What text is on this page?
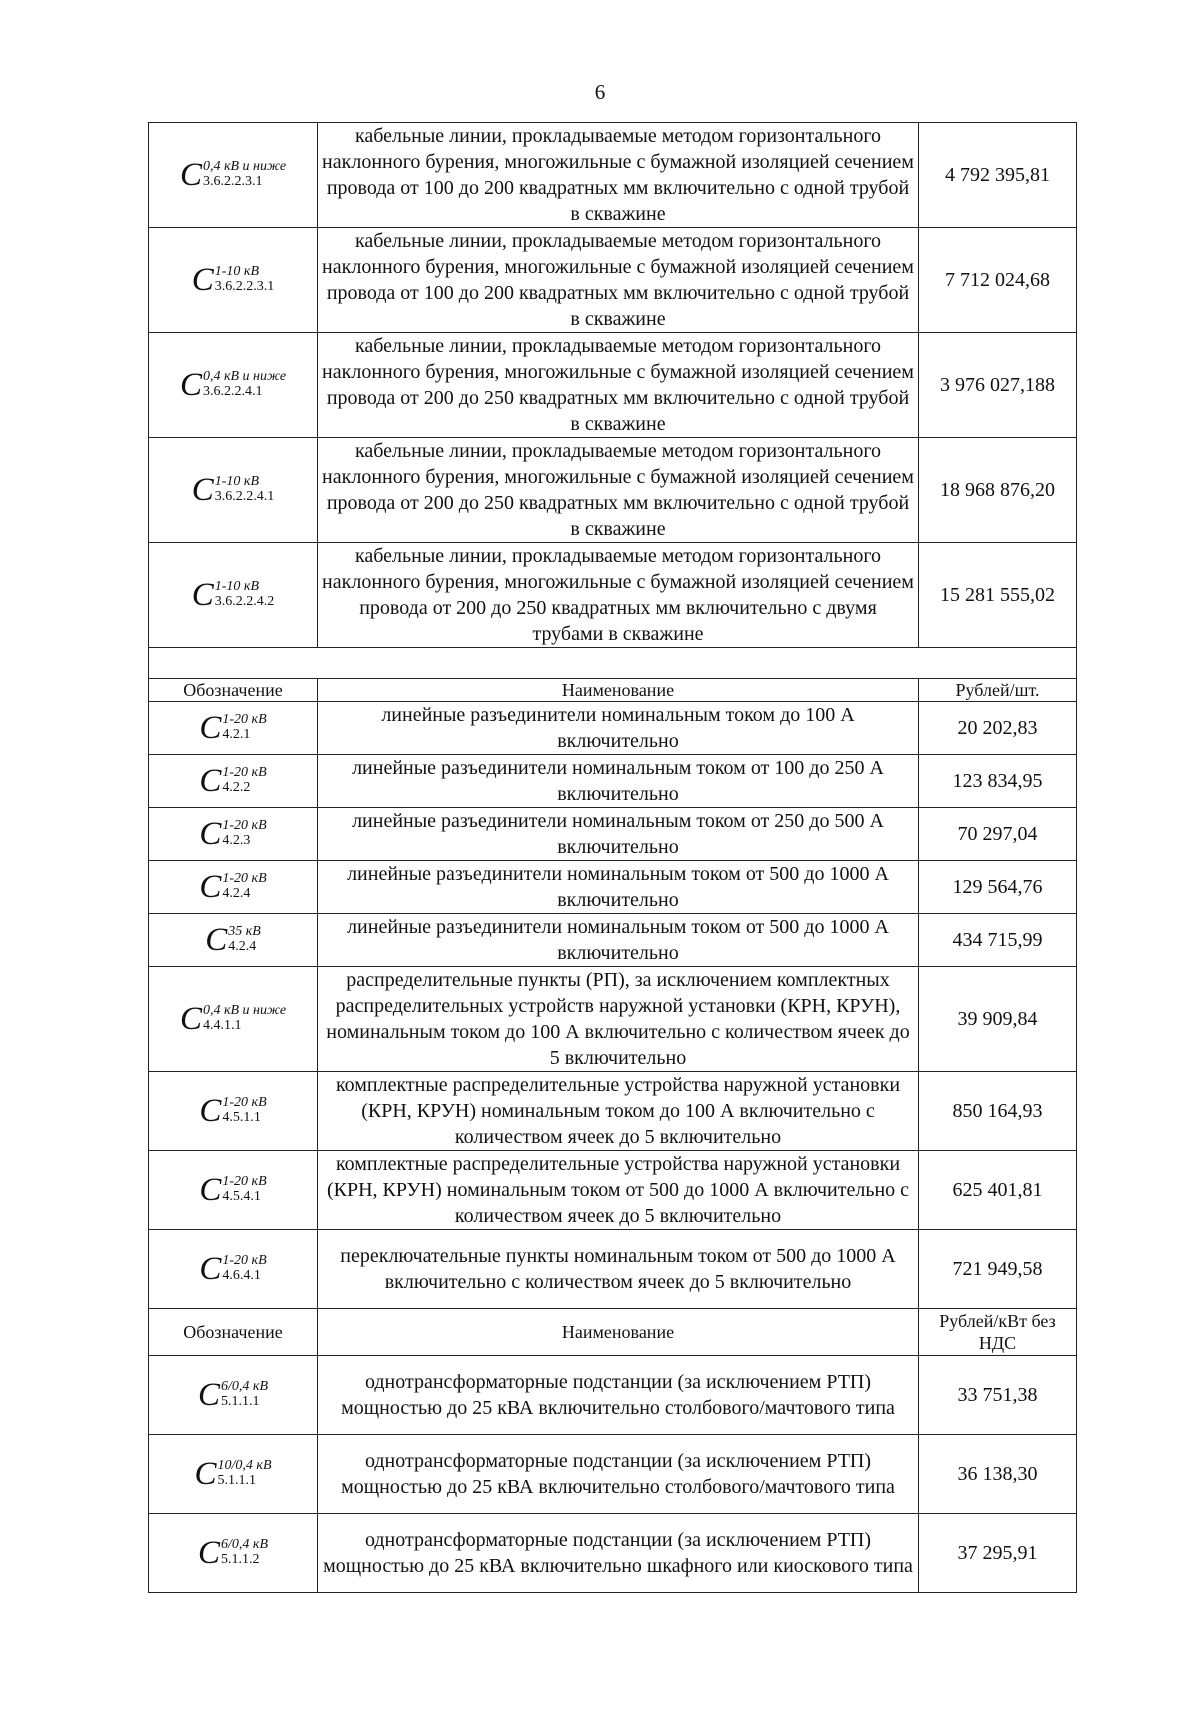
6
C 0,4 кВ и ниже
3.6.2.2.3.1	кабельные линии, прокладываемые методом горизонтального наклонного бурения, многожильные с бумажной изоляцией сечением провода от 100 до 200 квадратных мм включительно с одной трубой в скважине	4 792 395,81

C 1-10 кВ
3.6.2.2.3.1	кабельные линии, прокладываемые методом горизонтального наклонного бурения, многожильные с бумажной изоляцией сечением провода от 100 до 200 квадратных мм включительно с одной трубой в скважине	7 712 024,68

C 0,4 кВ и ниже
3.6.2.2.4.1	кабельные линии, прокладываемые методом горизонтального наклонного бурения, многожильные с бумажной изоляцией сечением провода от 200 до 250 квадратных мм включительно с одной трубой в скважине	3 976 027,188

C 1-10 кВ
3.6.2.2.4.1	кабельные линии, прокладываемые методом горизонтального наклонного бурения, многожильные с бумажной изоляцией сечением провода от 200 до 250 квадратных мм включительно с одной трубой в скважине	18 968 876,20

C 1-10 кВ
3.6.2.2.4.2	кабельные линии, прокладываемые методом горизонтального наклонного бурения, многожильные с бумажной изоляцией сечением провода от 200 до 250 квадратных мм включительно с двумя трубами в скважине	15 281 555,02

Обозначение	Наименование	Рублей/шт.

C 1-20 кВ
4.2.1	линейные разъединители номинальным током до 100 А включительно	20 202,83

C 1-20 кВ
4.2.2	линейные разъединители номинальным током от 100 до 250 А включительно	123 834,95

C 1-20 кВ
4.2.3	линейные разъединители номинальным током от 250 до 500 А включительно	70 297,04

C 1-20 кВ
4.2.4	линейные разъединители номинальным током от 500 до 1000 А включительно	129 564,76

C 35 кВ
4.2.4	линейные разъединители номинальным током от 500 до 1000 А включительно	434 715,99

C 0,4 кВ и ниже
4.4.1.1	распределительные пункты (РП), за исключением комплектных распределительных устройств наружной установки (КРН, КРУН), номинальным током до 100 А включительно с количеством ячеек до 5 включительно	39 909,84

C 1-20 кВ
4.5.1.1	комплектные распределительные устройства наружной установки (КРН, КРУН) номинальным током до 100 А включительно с количеством ячеек до 5 включительно	850 164,93

C 1-20 кВ
4.5.4.1	комплектные распределительные устройства наружной установки (КРН, КРУН) номинальным током от 500 до 1000 А включительно с количеством ячеек до 5 включительно	625 401,81

C 1-20 кВ
4.6.4.1	переключательные пункты номинальным током от 500 до 1000 А включительно с количеством ячеек до 5 включительно	721 949,58
Обозначение	Наименование	Рублей/кВт без НДС

C 6/0,4 кВ
5.1.1.1	однотрансформаторные подстанции (за исключением РТП) мощностью до 25 кВА включительно столбового/мачтового типа	33 751,38

C 10/0,4 кВ
5.1.1.1	однотрансформаторные подстанции (за исключением РТП) мощностью до 25 кВА включительно столбового/мачтового типа	36 138,30

C 6/0,4 кВ
5.1.1.2	однотрансформаторные подстанции (за исключением РТП) мощностью до 25 кВА включительно шкафного или киоскового типа	37 295,91
